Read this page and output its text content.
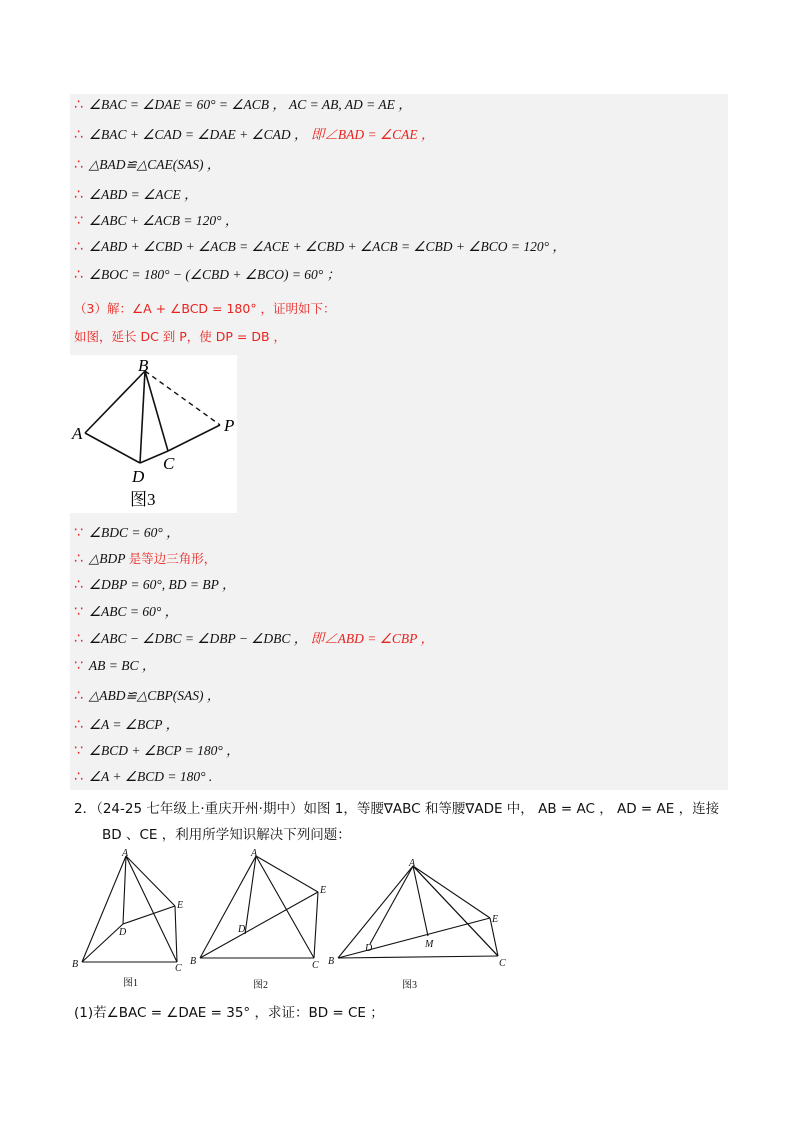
∴ ∠BAC = ∠DAE = 60° = ∠ACB ， AC = AB, AD = AE ，
∴ ∠BAC + ∠CAD = ∠DAE + ∠CAD ， 即∠BAD = ∠CAE ，
∴ △BAD≌△CAE(SAS) ，
∴ ∠ABD = ∠ACE ，
∵ ∠ABC + ∠ACB = 120° ，
∴ ∠ABD + ∠CBD + ∠ACB = ∠ACE + ∠CBD + ∠ACB = ∠CBD + ∠BCO = 120° ，
∴ ∠BOC = 180° − (∠CBD + ∠BCO) = 60° ；
（3）解：∠A + ∠BCD = 180° ，证明如下：
如图，延长 DC 到 P，使 DP = DB ，
B
A
D
C
P
图3
∵ ∠BDC = 60° ，
∴ △BDP 是等边三角形，
∴ ∠DBP = 60°, BD = BP ，
∵ ∠ABC = 60° ，
∴ ∠ABC − ∠DBC = ∠DBP − ∠DBC ， 即∠ABD = ∠CBP ，
∵ AB = BC ，
∴ △ABD≌△CBP(SAS) ，
∴ ∠A = ∠BCP ，
∵ ∠BCD + ∠BCP = 180° ，
∴ ∠A + ∠BCD = 180° .
2．（24-25 七年级上·重庆开州·期中）如图 1，等腰∇ABC 和等腰∇ADE 中， AB = AC ， AD = AE ，连接
BD 、CE ，利用所学知识解决下列问题：
A
B	C
D
E
A
B	C
D
E
A
B	C
D
E
M
图1	图2	图3
(1)若∠BAC = ∠DAE = 35° ，求证：BD = CE ；
